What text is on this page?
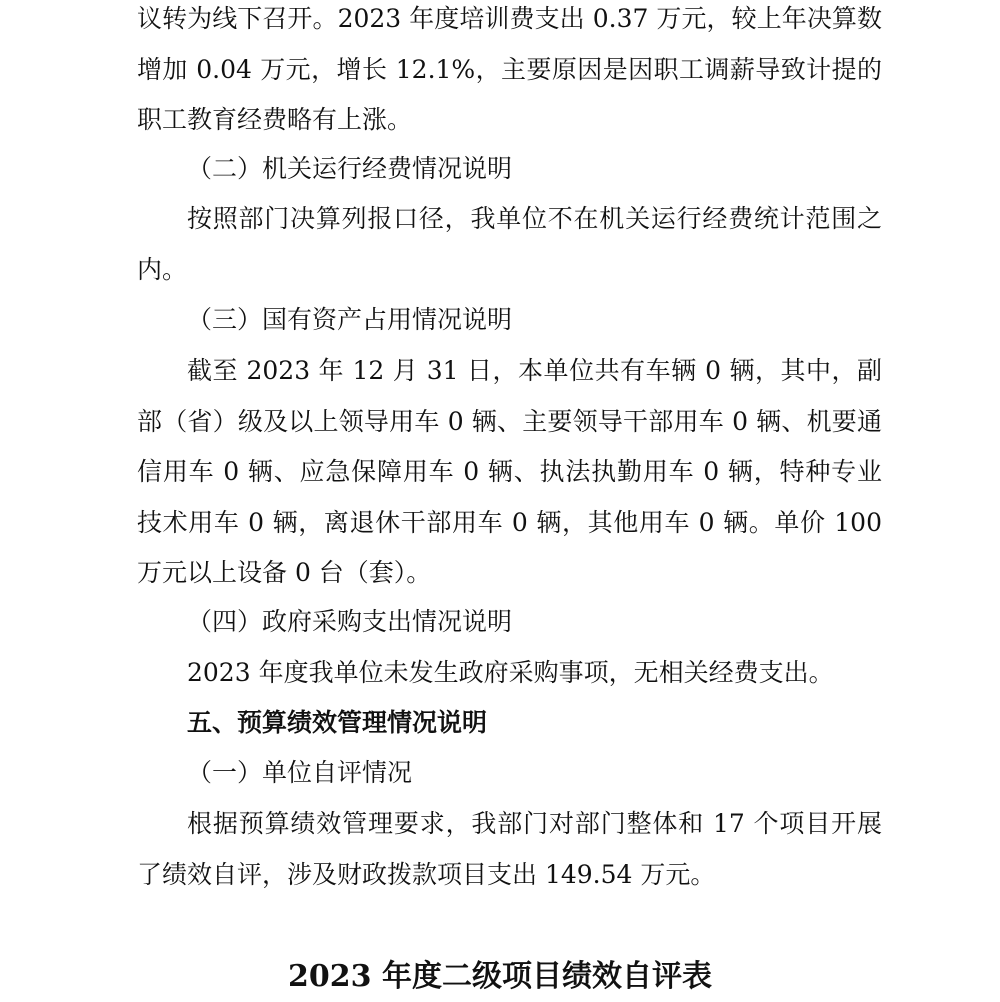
议转为线下召开。2023 年度培训费支出 0.37 万元，较上年决算数增加 0.04 万元，增长 12.1%，主要原因是因职工调薪导致计提的职工教育经费略有上涨。
（二）机关运行经费情况说明
按照部门决算列报口径，我单位不在机关运行经费统计范围之内。
（三）国有资产占用情况说明
截至 2023 年 12 月 31 日，本单位共有车辆 0 辆，其中，副部（省）级及以上领导用车 0 辆、主要领导干部用车 0 辆、机要通信用车 0 辆、应急保障用车 0 辆、执法执勤用车 0 辆，特种专业技术用车 0 辆，离退休干部用车 0 辆，其他用车 0 辆。单价 100 万元以上设备 0 台（套）。
（四）政府采购支出情况说明
2023 年度我单位未发生政府采购事项，无相关经费支出。
五、预算绩效管理情况说明
（一）单位自评情况
根据预算绩效管理要求，我部门对部门整体和 17 个项目开展了绩效自评，涉及财政拨款项目支出 149.54 万元。
2023 年度二级项目绩效自评表
